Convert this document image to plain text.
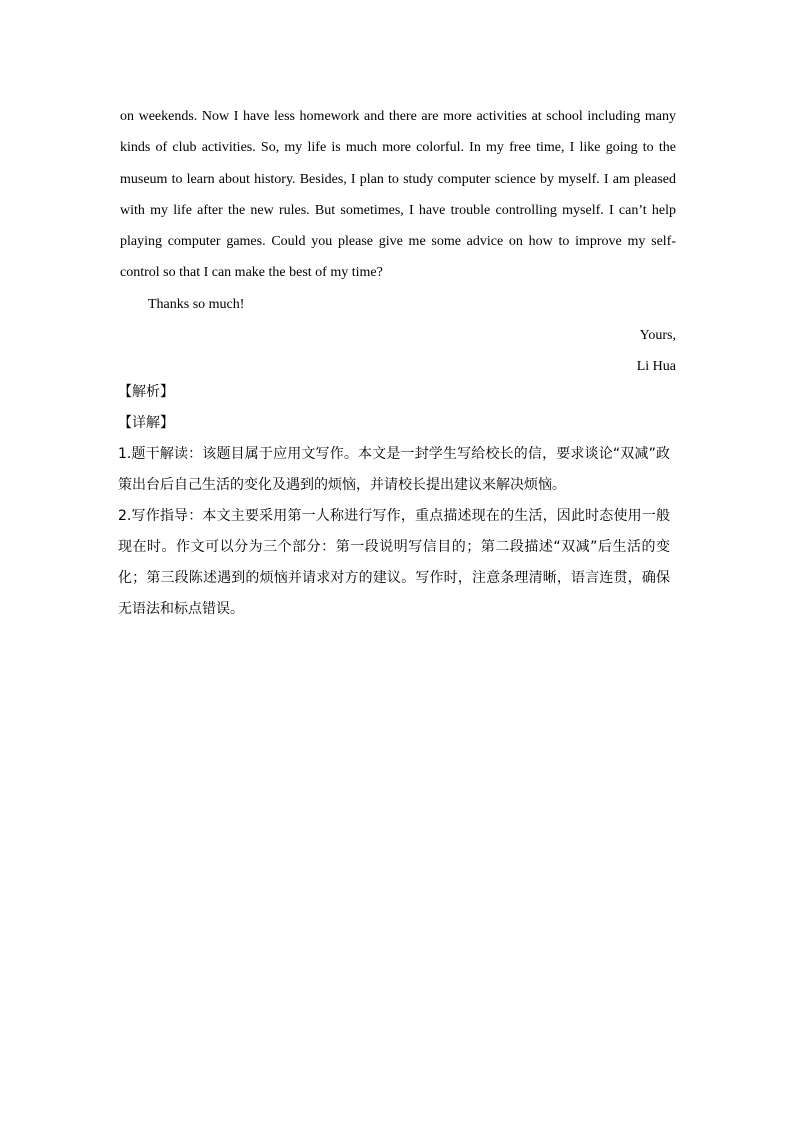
on weekends. Now I have less homework and there are more activities at school including many kinds of club activities. So, my life is much more colorful. In my free time, I like going to the museum to learn about history. Besides, I plan to study computer science by myself. I am pleased with my life after the new rules. But sometimes, I have trouble controlling myself. I can’t help playing computer games. Could you please give me some advice on how to improve my self-control so that I can make the best of my time?

Thanks so much!

Yours,

Li Hua

【解析】

【详解】

1.题干解读：该题目属于应用文写作。本文是一封学生写给校长的信，要求谈论“双减”政策出台后自己生活的变化及遇到的烦恼，并请校长提出建议来解决烦恼。

2.写作指导：本文主要采用第一人称进行写作，重点描述现在的生活，因此时态使用一般现在时。作文可以分为三个部分：第一段说明写信目的；第二段描述“双减”后生活的变化；第三段陈述遇到的烦恼并请求对方的建议。写作时，注意条理清晰，语言连贯，确保无语法和标点错误。
